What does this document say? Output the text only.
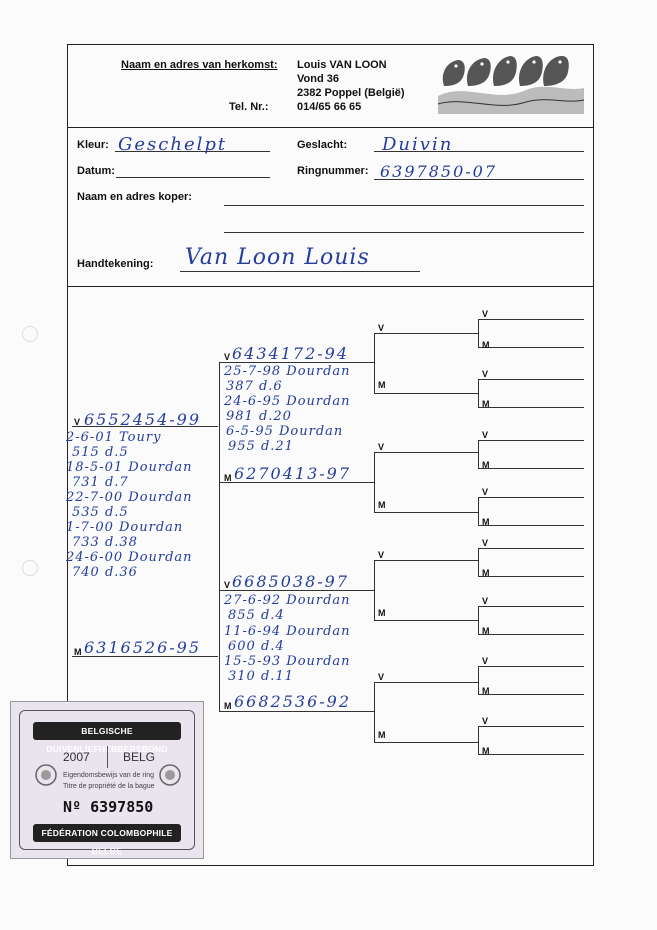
Naam en adres van herkomst:
Tel. Nr.:
Louis VAN LOON
Vond 36
2382 Poppel (België)
014/65 66 65
Kleur: Geschelpt	Geslacht: Duivin
Datum:	Ringnummer: 6397850-07
Naam en adres koper:
Handtekening: Van Loon Louis
V
M
V
M
V
M
V
M
V
M
V
M
V
M
V
M
V
M
V
M
V
M
V
M
V 6552454-99
2-6-01 Toury
515 d.5
18-5-01 Dourdan
731 d.7
22-7-00 Dourdan
535 d.5
1-7-00 Dourdan
733 d.38
24-6-00 Dourdan
740 d.36
M 6316526-95
V 6434172-94
25-7-98 Dourdan
387 d.6
24-6-95 Dourdan
981 d.20
6-5-95 Dourdan
955 d.21
M 6270413-97
V 6685038-97
27-6-92 Dourdan
855 d.4
11-6-94 Dourdan
600 d.4
15-5-93 Dourdan
310 d.11
M 6682536-92
BELGISCHE DUIVENLIEFHEBBERSBOND
2007	BELG
Eigendomsbewijs van de ring
Titre de propriété de la bague
Nº 6397850
FÉDÉRATION COLOMBOPHILE BELGE
